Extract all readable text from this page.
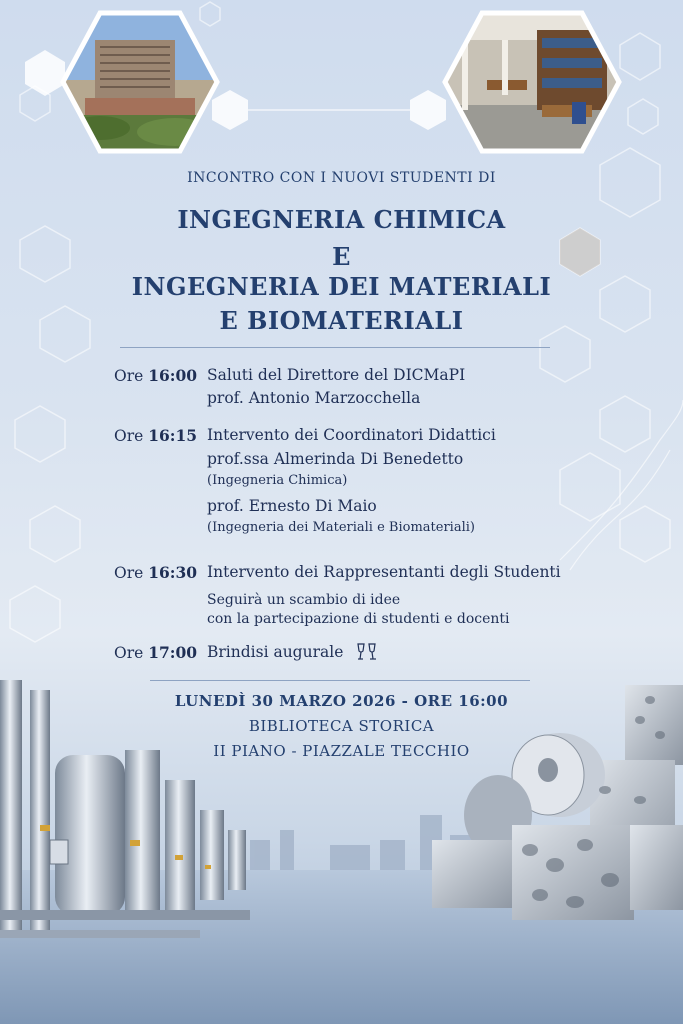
INCONTRO CON I NUOVI STUDENTI DI
INGEGNERIA CHIMICA
E
INGEGNERIA DEI MATERIALI
E BIOMATERIALI
Ore 16:00 Saluti del Direttore del DICMaPI
prof. Antonio Marzocchella
Ore 16:15 Intervento dei Coordinatori Didattici
prof.ssa Almerinda Di Benedetto
(Ingegneria Chimica)
prof. Ernesto Di Maio
(Ingegneria dei Materiali e Biomateriali)
Ore 16:30 Intervento dei Rappresentanti degli Studenti
Seguirà un scambio di idee
con la partecipazione di studenti e docenti
Ore 17:00 Brindisi augurale
LUNEDÌ 30 MARZO 2026 - ORE 16:00
BIBLIOTECA STORICA
II PIANO - PIAZZALE TECCHIO
